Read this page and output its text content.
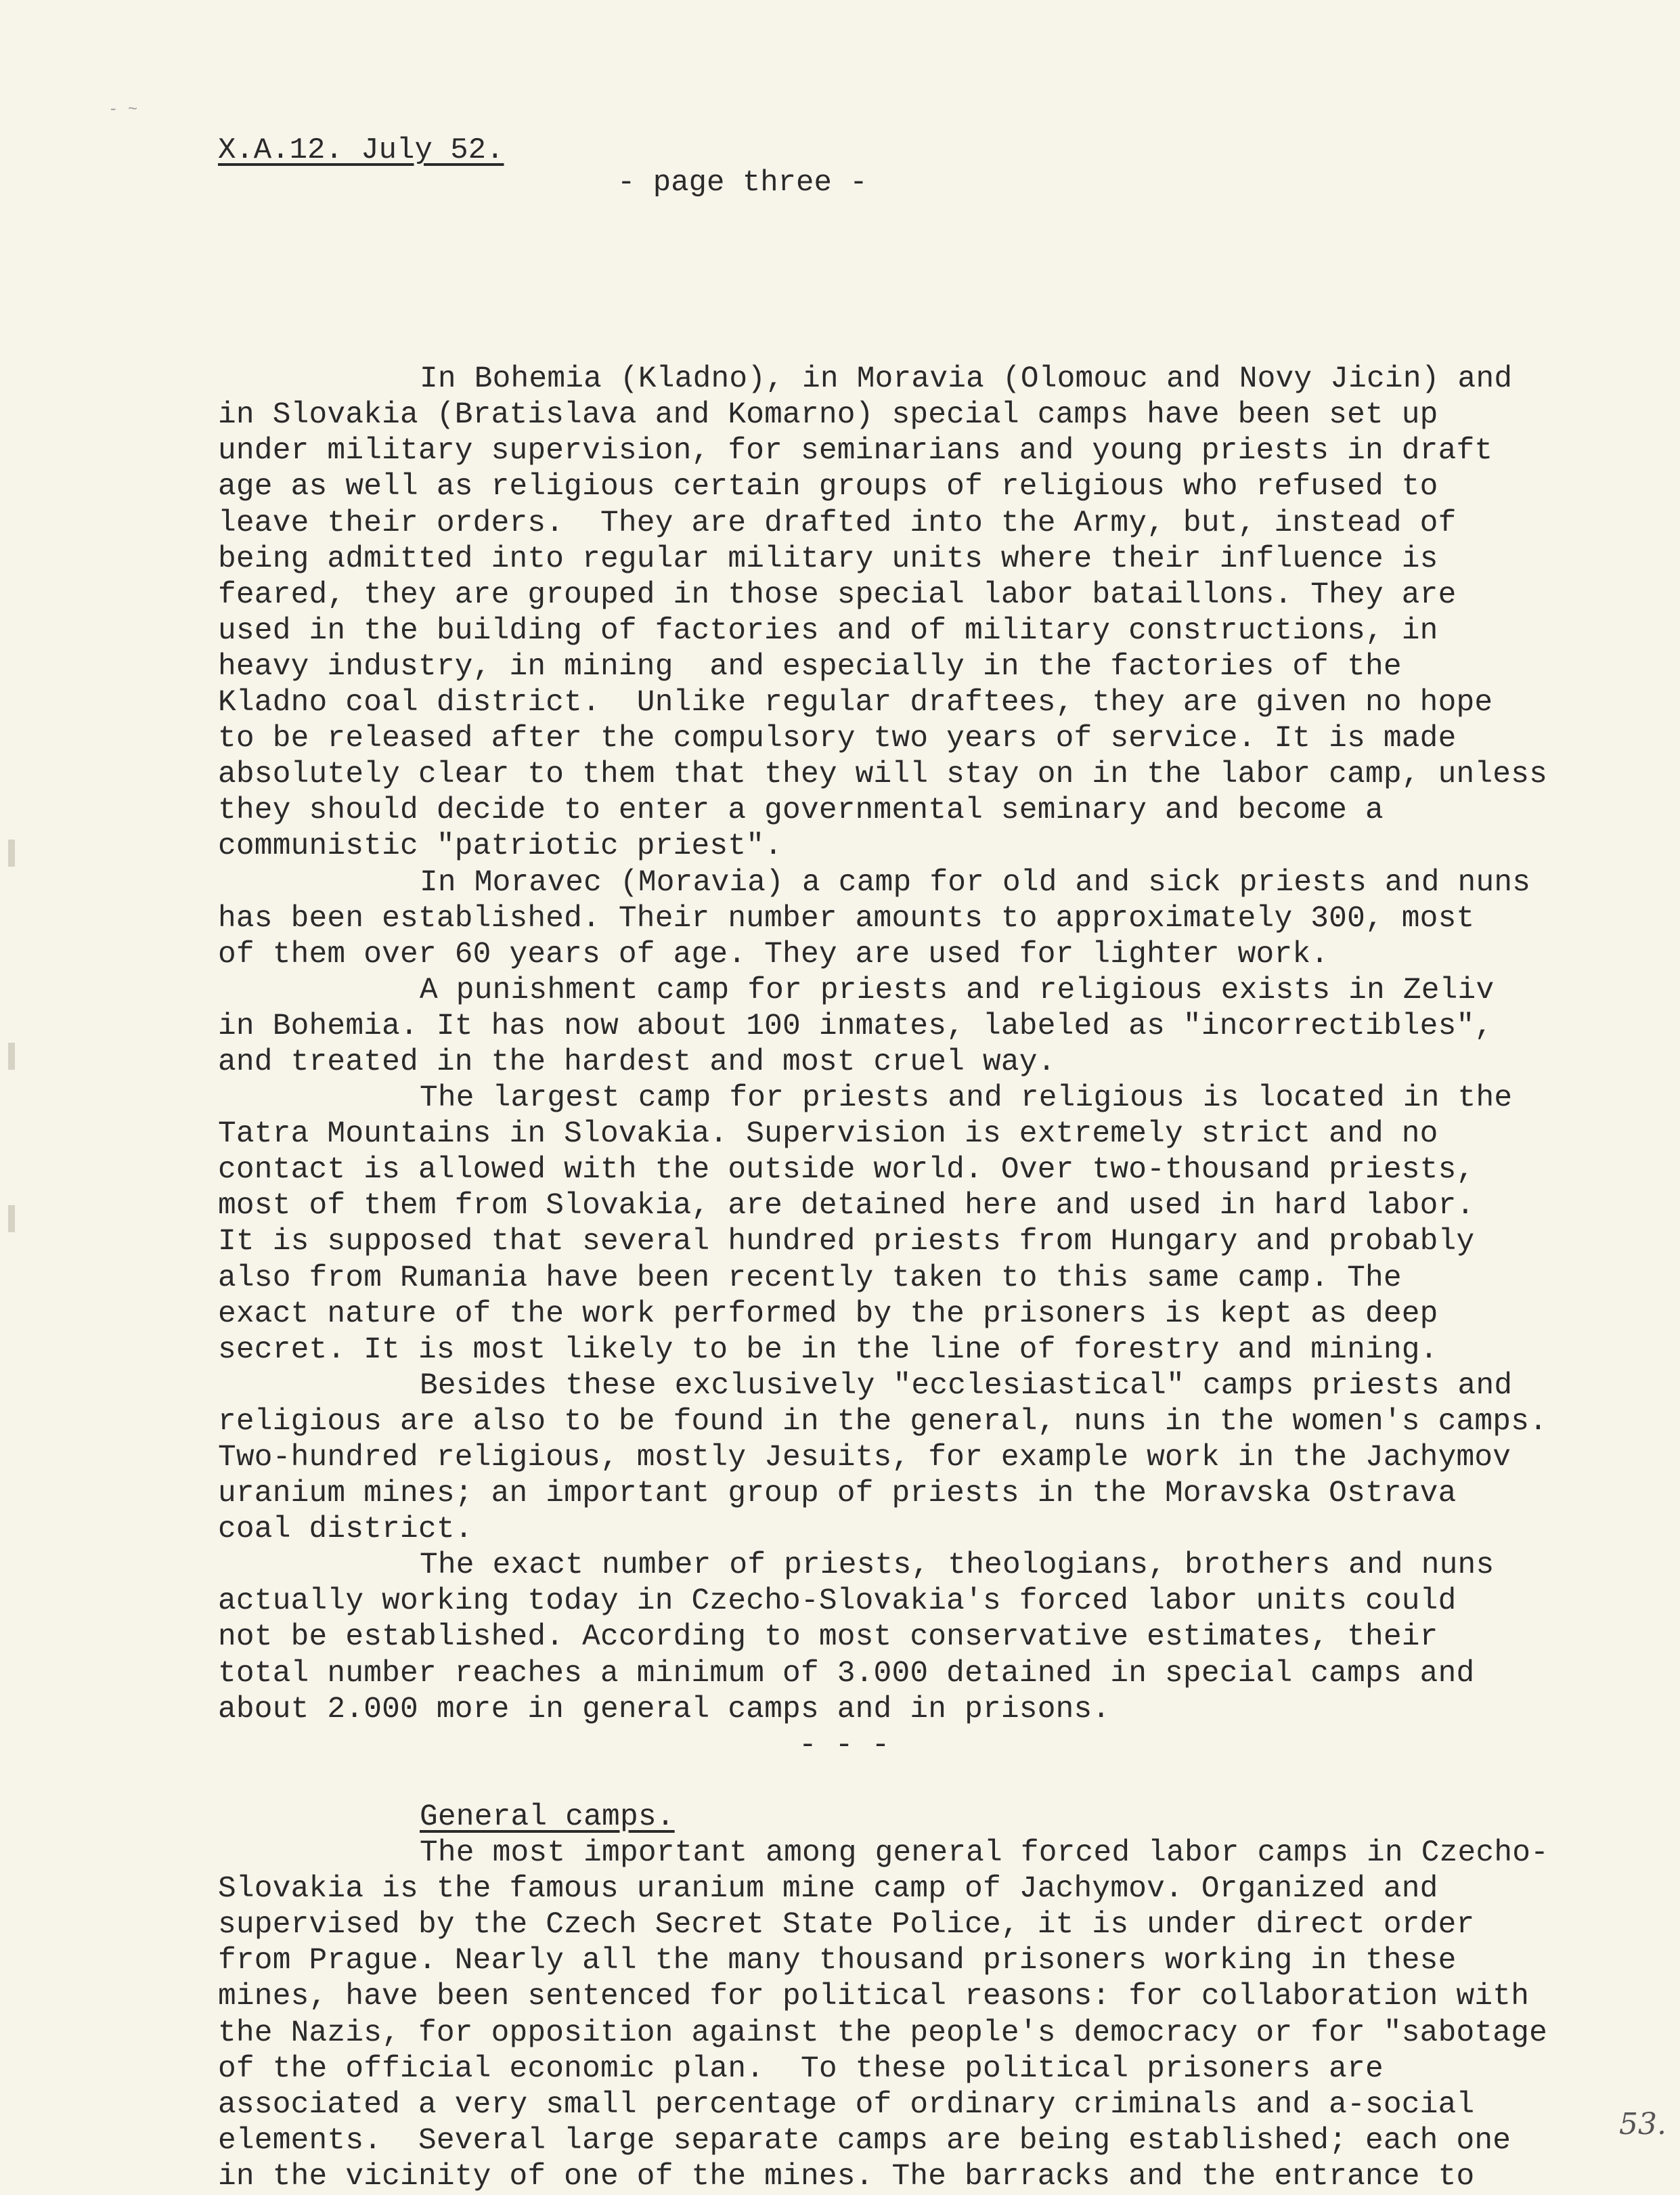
- ~
X.A.12. July 52.
- page three -

In Bohemia (Kladno), in Moravia (Olomouc and Novy Jicin) and
in Slovakia (Bratislava and Komarno) special camps have been set up
under military supervision, for seminarians and young priests in draft
age as well as religious certain groups of religious who refused to
leave their orders.  They are drafted into the Army, but, instead of
being admitted into regular military units where their influence is
feared, they are grouped in those special labor bataillons. They are
used in the building of factories and of military constructions, in
heavy industry, in mining  and especially in the factories of the
Kladno coal district.  Unlike regular draftees, they are given no hope
to be released after the compulsory two years of service. It is made
absolutely clear to them that they will stay on in the labor camp, unless
they should decide to enter a governmental seminary and become a
communistic "patriotic priest".
In Moravec (Moravia) a camp for old and sick priests and nuns
has been established. Their number amounts to approximately 300, most
of them over 60 years of age. They are used for lighter work.
A punishment camp for priests and religious exists in Zeliv
in Bohemia. It has now about 100 inmates, labeled as "incorrectibles",
and treated in the hardest and most cruel way.
The largest camp for priests and religious is located in the
Tatra Mountains in Slovakia. Supervision is extremely strict and no
contact is allowed with the outside world. Over two-thousand priests,
most of them from Slovakia, are detained here and used in hard labor.
It is supposed that several hundred priests from Hungary and probably
also from Rumania have been recently taken to this same camp. The
exact nature of the work performed by the prisoners is kept as deep
secret. It is most likely to be in the line of forestry and mining.
Besides these exclusively "ecclesiastical" camps priests and
religious are also to be found in the general, nuns in the women's camps.
Two-hundred religious, mostly Jesuits, for example work in the Jachymov
uranium mines; an important group of priests in the Moravska Ostrava
coal district.
The exact number of priests, theologians, brothers and nuns
actually working today in Czecho-Slovakia's forced labor units could
not be established. According to most conservative estimates, their
total number reaches a minimum of 3.000 detained in special camps and
about 2.000 more in general camps and in prisons.
- - -
General camps.
The most important among general forced labor camps in Czecho-
Slovakia is the famous uranium mine camp of Jachymov. Organized and
supervised by the Czech Secret State Police, it is under direct order
from Prague. Nearly all the many thousand prisoners working in these
mines, have been sentenced for political reasons: for collaboration with
the Nazis, for opposition against the people's democracy or for "sabotage
of the official economic plan.  To these political prisoners are
associated a very small percentage of ordinary criminals and a-social
elements.  Several large separate camps are being established; each one
in the vicinity of one of the mines. The barracks and the entrance to
53.
